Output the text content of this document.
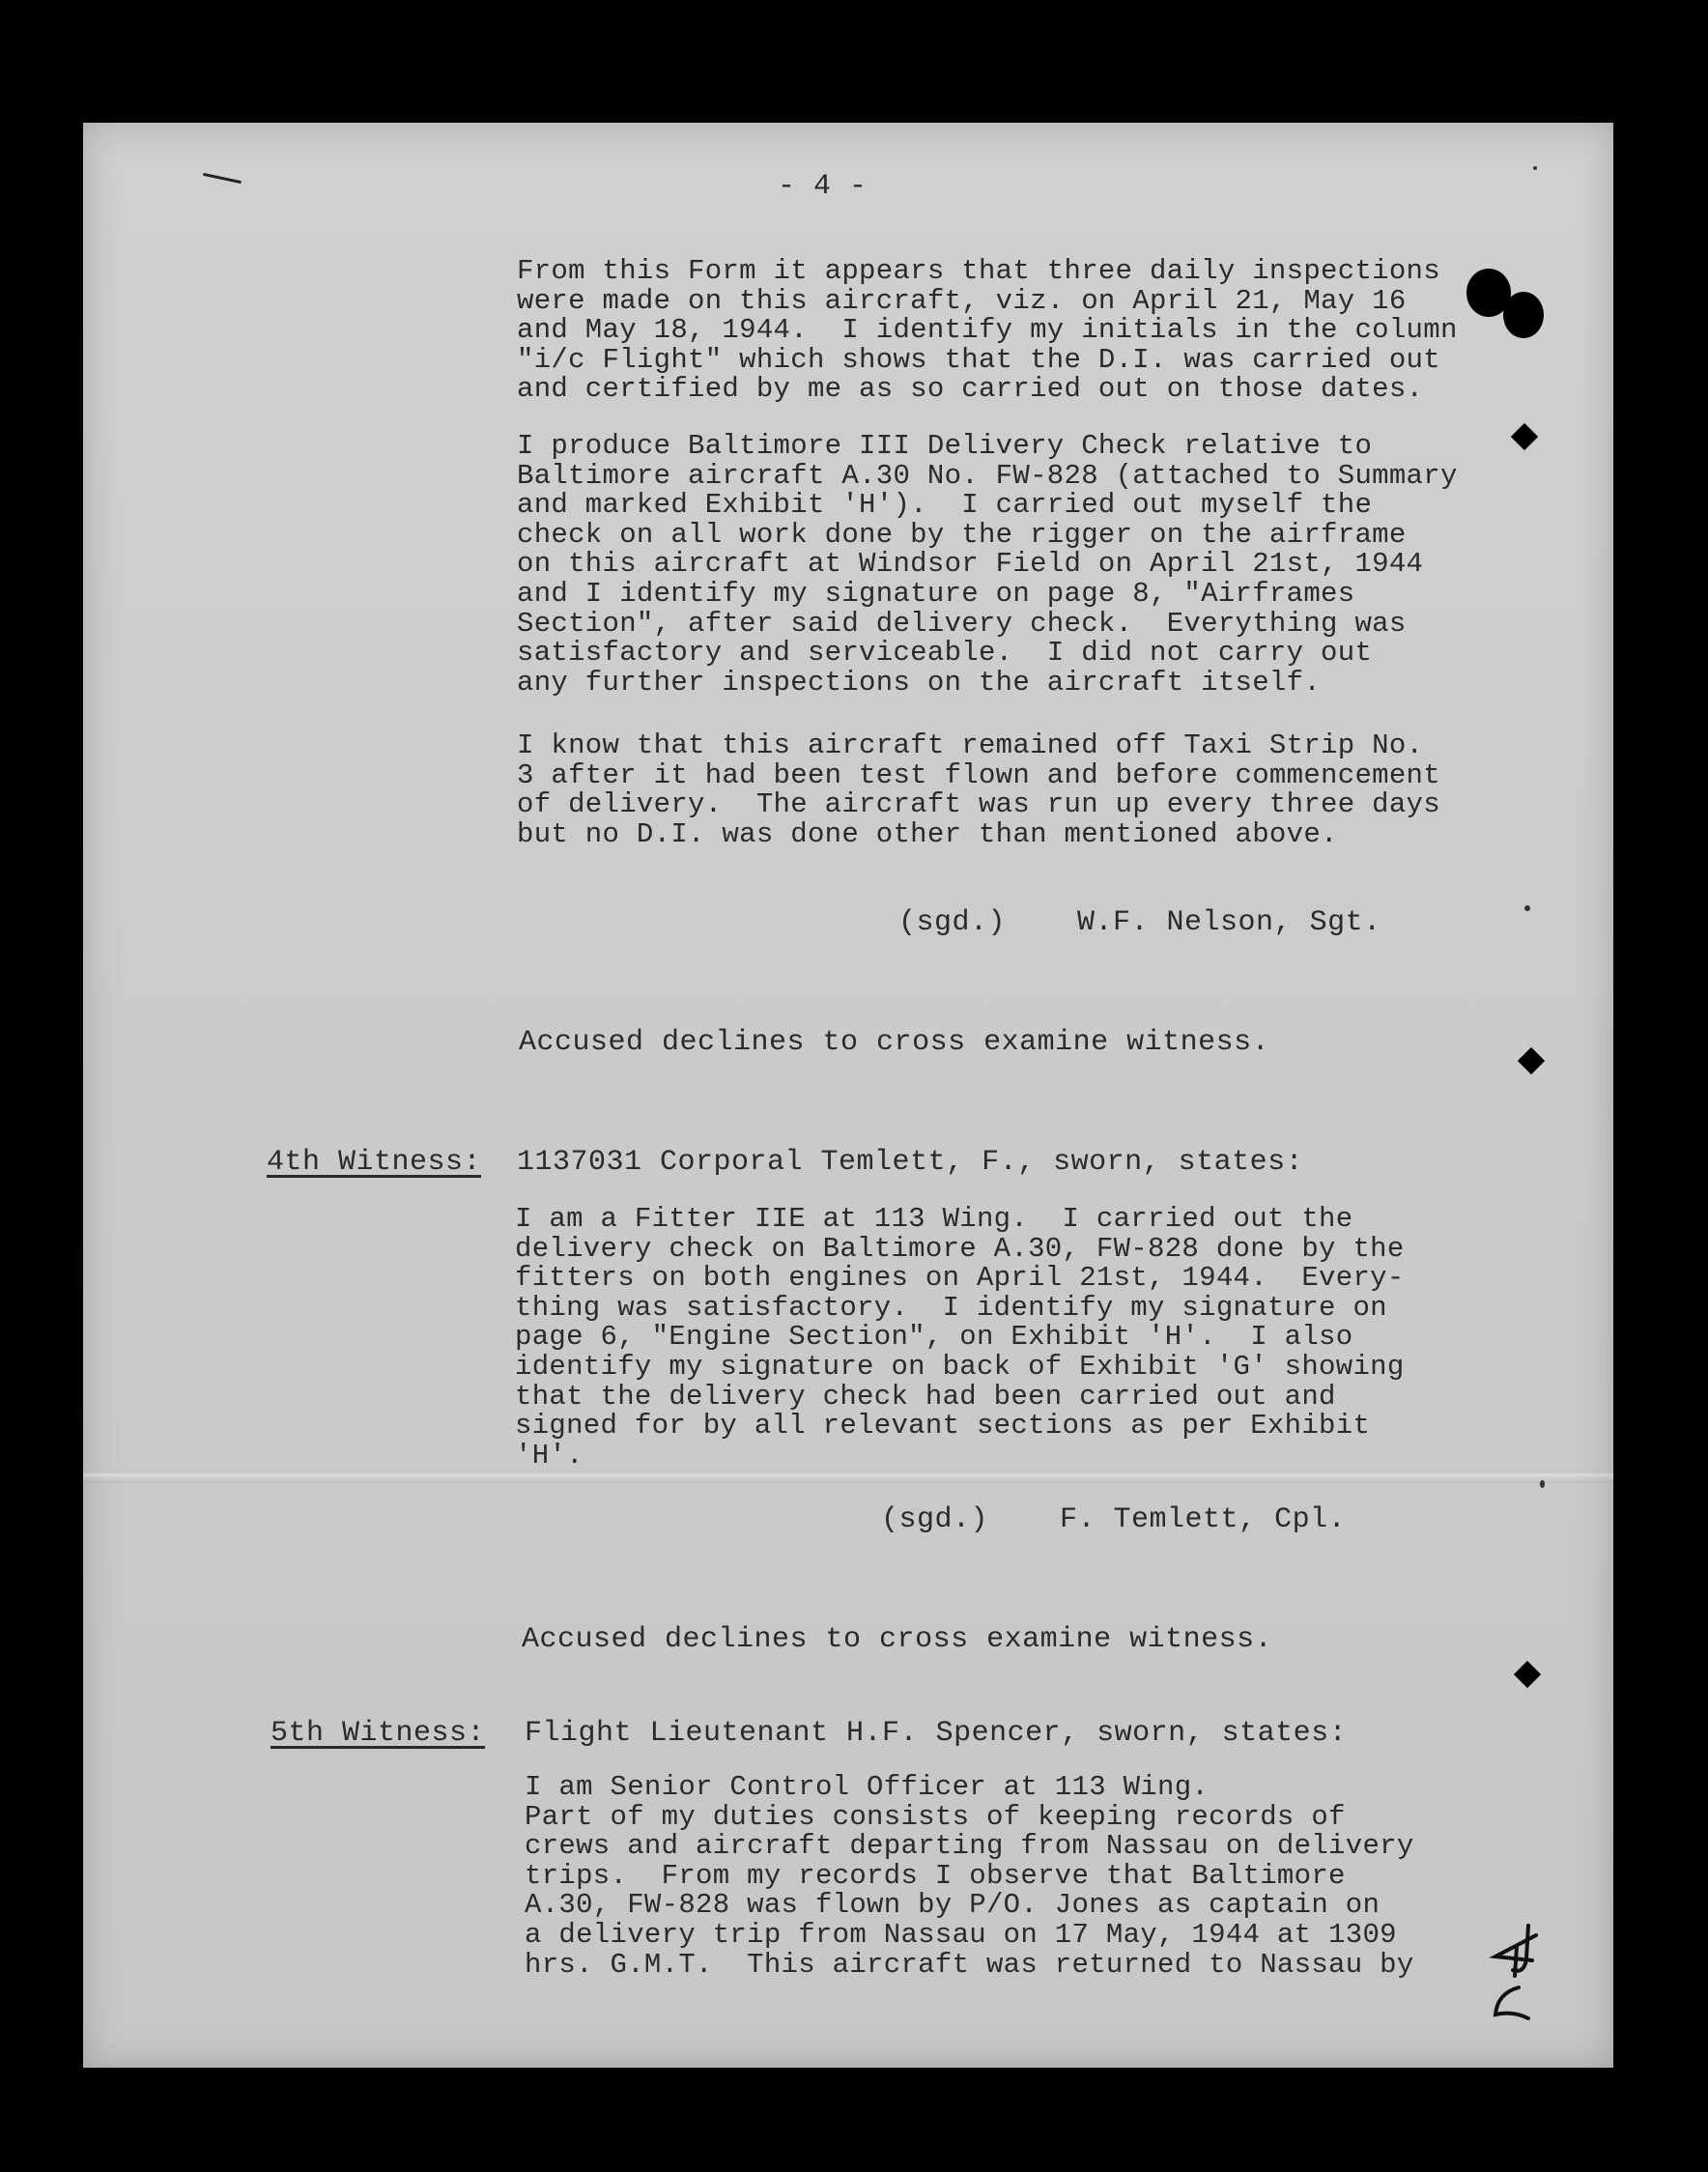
- 4 -
From this Form it appears that three daily inspections
were made on this aircraft, viz. on April 21, May 16
and May 18, 1944.  I identify my initials in the column
"i/c Flight" which shows that the D.I. was carried out
and certified by me as so carried out on those dates.
I produce Baltimore III Delivery Check relative to
Baltimore aircraft A.30 No. FW-828 (attached to Summary
and marked Exhibit 'H').  I carried out myself the
check on all work done by the rigger on the airframe
on this aircraft at Windsor Field on April 21st, 1944
and I identify my signature on page 8, "Airframes
Section", after said delivery check.  Everything was
satisfactory and serviceable.  I did not carry out
any further inspections on the aircraft itself.
I know that this aircraft remained off Taxi Strip No.
3 after it had been test flown and before commencement
of delivery.  The aircraft was run up every three days
but no D.I. was done other than mentioned above.
(sgd.)    W.F. Nelson, Sgt.
Accused declines to cross examine witness.
4th Witness: 1137031 Corporal Temlett, F., sworn, states:
I am a Fitter IIE at 113 Wing.  I carried out the
delivery check on Baltimore A.30, FW-828 done by the
fitters on both engines on April 21st, 1944.  Every-
thing was satisfactory.  I identify my signature on
page 6, "Engine Section", on Exhibit 'H'.  I also
identify my signature on back of Exhibit 'G' showing
that the delivery check had been carried out and
signed for by all relevant sections as per Exhibit
'H'.
(sgd.)    F. Temlett, Cpl.
Accused declines to cross examine witness.
5th Witness: Flight Lieutenant H.F. Spencer, sworn, states:
I am Senior Control Officer at 113 Wing.
Part of my duties consists of keeping records of
crews and aircraft departing from Nassau on delivery
trips.  From my records I observe that Baltimore
A.30, FW-828 was flown by P/O. Jones as captain on
a delivery trip from Nassau on 17 May, 1944 at 1309
hrs. G.M.T.  This aircraft was returned to Nassau by
